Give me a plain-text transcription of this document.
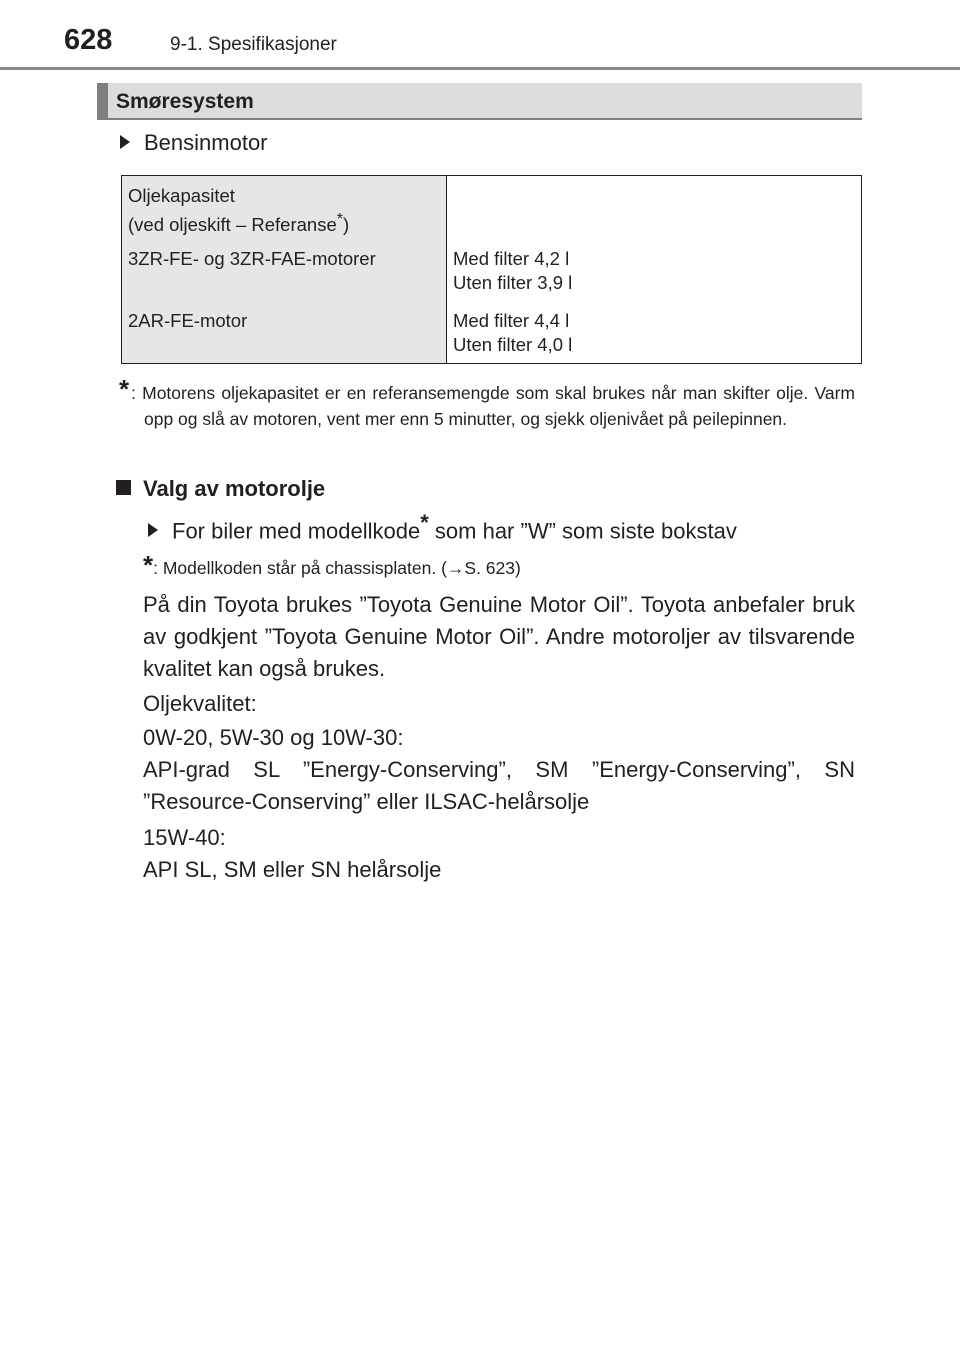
628	9-1. Spesifikasjoner
Smøresystem
Bensinmotor
Oljekapasitet
(ved oljeskift – Referanse*)	

3ZR-FE- og 3ZR-FAE-motorer	Med filter 4,2 l
Uten filter 3,9 l

2AR-FE-motor	Med filter 4,4 l
Uten filter 4,0 l
* : Motorens oljekapasitet er en referansemengde som skal brukes når man skifter olje. Varm opp og slå av motoren, vent mer enn 5 minutter, og sjekk oljenivået på peilepinnen.
Valg av motorolje
For biler med modellkode* som har ”W” som siste bokstav
*: Modellkoden står på chassisplaten. (→S. 623)
På din Toyota brukes ”Toyota Genuine Motor Oil”. Toyota anbefaler bruk av godkjent ”Toyota Genuine Motor Oil”. Andre motoroljer av tilsvarende kvalitet kan også brukes.
Oljekvalitet:
0W-20, 5W-30 og 10W-30:
API-grad SL ”Energy-Conserving”, SM ”Energy-Conserving”, SN
”Resource-Conserving” eller ILSAC-helårsolje
15W-40:
API SL, SM eller SN helårsolje
